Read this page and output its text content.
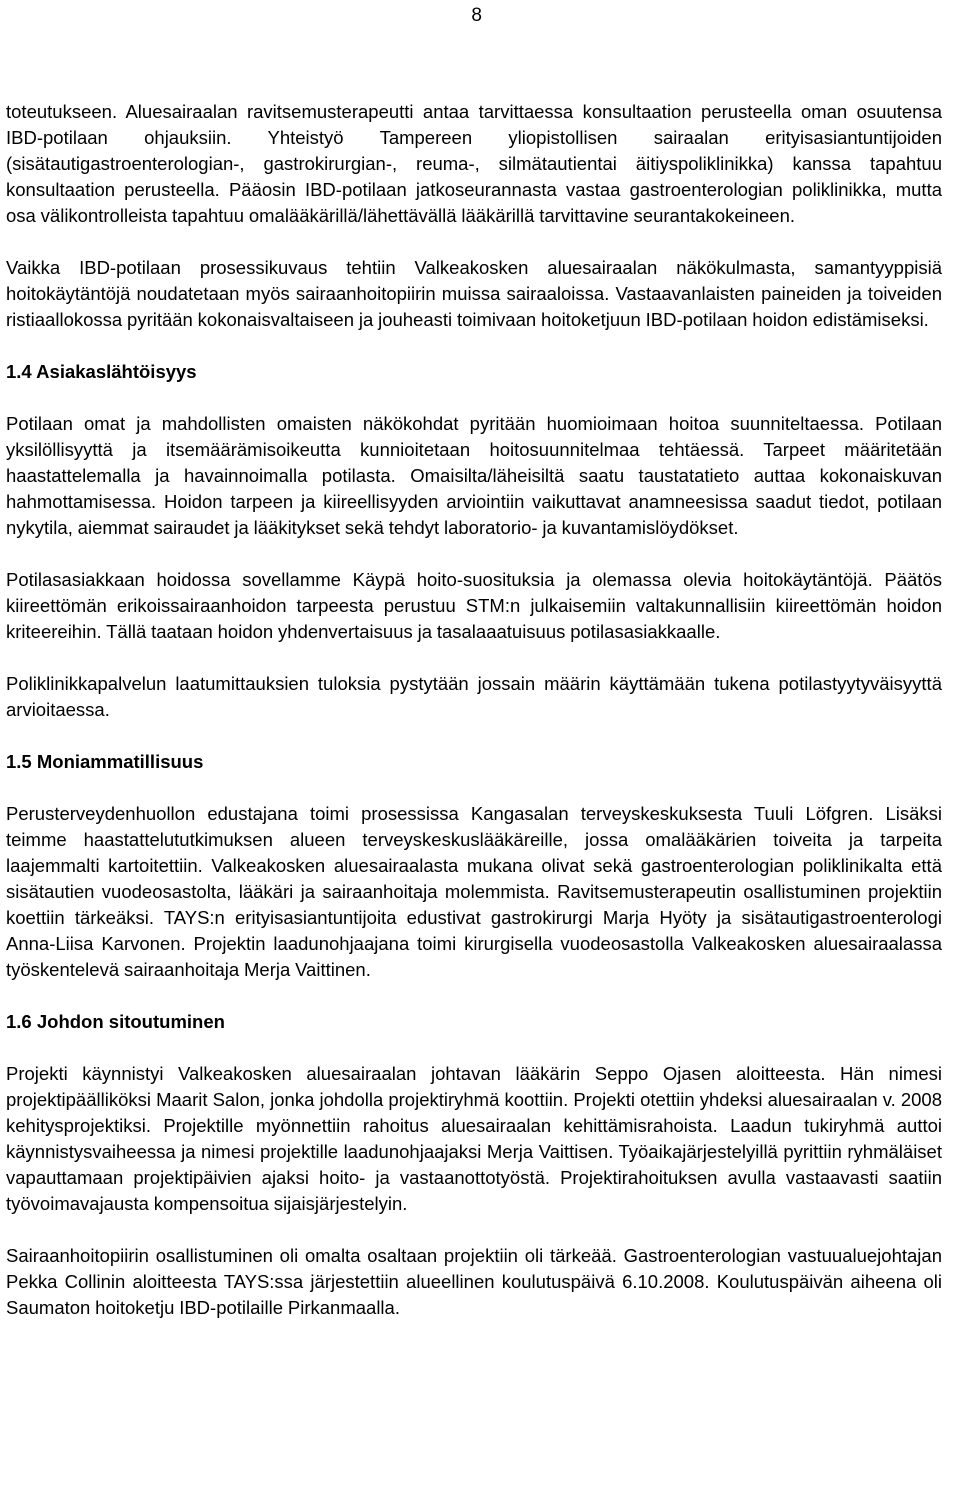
8

toteutukseen. Aluesairaalan ravitsemusterapeutti antaa tarvittaessa konsultaation perusteella oman osuutensa IBD-potilaan ohjauksiin. Yhteistyö Tampereen yliopistollisen sairaalan erityisasiantuntijoiden (sisätautigastroenterologian-, gastrokirurgian-, reuma-, silmätautientai äitiyspoliklinikka) kanssa tapahtuu konsultaation perusteella. Pääosin IBD-potilaan jatkoseurannasta vastaa gastroenterologian poliklinikka, mutta osa välikontrolleista tapahtuu omalääkärillä/lähettävällä lääkärillä tarvittavine seurantakokeineen.

Vaikka IBD-potilaan prosessikuvaus tehtiin Valkeakosken aluesairaalan näkökulmasta, samantyyppisiä hoitokäytäntöjä noudatetaan myös sairaanhoitopiirin muissa sairaaloissa. Vastaavanlaisten paineiden ja toiveiden ristiaallokossa pyritään kokonaisvaltaiseen ja jouheasti toimivaan hoitoketjuun IBD-potilaan hoidon edistämiseksi.

1.4 Asiakaslähtöisyys

Potilaan omat ja mahdollisten omaisten näkökohdat pyritään huomioimaan hoitoa suunniteltaessa. Potilaan yksilöllisyyttä ja itsemäärämisoikeutta kunnioitetaan hoitosuunnitelmaa tehtäessä. Tarpeet määritetään haastattelemalla ja havainnoimalla potilasta. Omaisilta/läheisiltä saatu taustatatieto auttaa kokonaiskuvan hahmottamisessa. Hoidon tarpeen ja kiireellisyyden arviointiin vaikuttavat anamneesissa saadut tiedot, potilaan nykytila, aiemmat sairaudet ja lääkitykset sekä tehdyt laboratorio- ja kuvantamislöydökset.

Potilasasiakkaan hoidossa sovellamme Käypä hoito-suosituksia ja olemassa olevia hoitokäytäntöjä. Päätös kiireettömän erikoissairaanhoidon tarpeesta perustuu STM:n julkaisemiin valtakunnallisiin kiireettömän hoidon kriteereihin. Tällä taataan hoidon yhdenvertaisuus ja tasalaaatuisuus potilasasiakkaalle.

Poliklinikkapalvelun laatumittauksien tuloksia pystytään jossain määrin käyttämään tukena potilastyytyväisyyttä arvioitaessa.

1.5 Moniammatillisuus

Perusterveydenhuollon edustajana toimi prosessissa Kangasalan terveyskeskuksesta Tuuli Löfgren. Lisäksi teimme haastattelututkimuksen alueen terveyskeskuslääkäreille, jossa omalääkärien toiveita ja tarpeita laajemmalti kartoitettiin. Valkeakosken aluesairaalasta mukana olivat sekä gastroenterologian poliklinikalta että sisätautien vuodeosastolta, lääkäri ja sairaanhoitaja molemmista. Ravitsemusterapeutin osallistuminen projektiin koettiin tärkeäksi. TAYS:n erityisasiantuntijoita edustivat gastrokirurgi Marja Hyöty ja sisätautigastroenterologi Anna-Liisa Karvonen. Projektin laadunohjaajana toimi kirurgisella vuodeosastolla Valkeakosken aluesairaalassa työskentelevä sairaanhoitaja Merja Vaittinen.

1.6 Johdon sitoutuminen

Projekti käynnistyi Valkeakosken aluesairaalan johtavan lääkärin Seppo Ojasen aloitteesta. Hän nimesi projektipäälliköksi Maarit Salon, jonka johdolla projektiryhmä koottiin. Projekti otettiin yhdeksi aluesairaalan v. 2008 kehitysprojektiksi. Projektille myönnettiin rahoitus aluesairaalan kehittämisrahoista. Laadun tukiryhmä auttoi käynnistysvaiheessa ja nimesi projektille laadunohjaajaksi Merja Vaittisen. Työaikajärjestelyillä pyrittiin ryhmäläiset vapauttamaan projektipäivien ajaksi hoito- ja vastaanottotyöstä. Projektirahoituksen avulla vastaavasti saatiin työvoimavajausta kompensoitua sijaisjärjestelyin.

Sairaanhoitopiirin osallistuminen oli omalta osaltaan projektiin oli tärkeää. Gastroenterologian vastuualuejohtajan Pekka Collinin aloitteesta TAYS:ssa järjestettiin alueellinen koulutuspäivä 6.10.2008. Koulutuspäivän aiheena oli Saumaton hoitoketju IBD-potilaille Pirkanmaalla.
